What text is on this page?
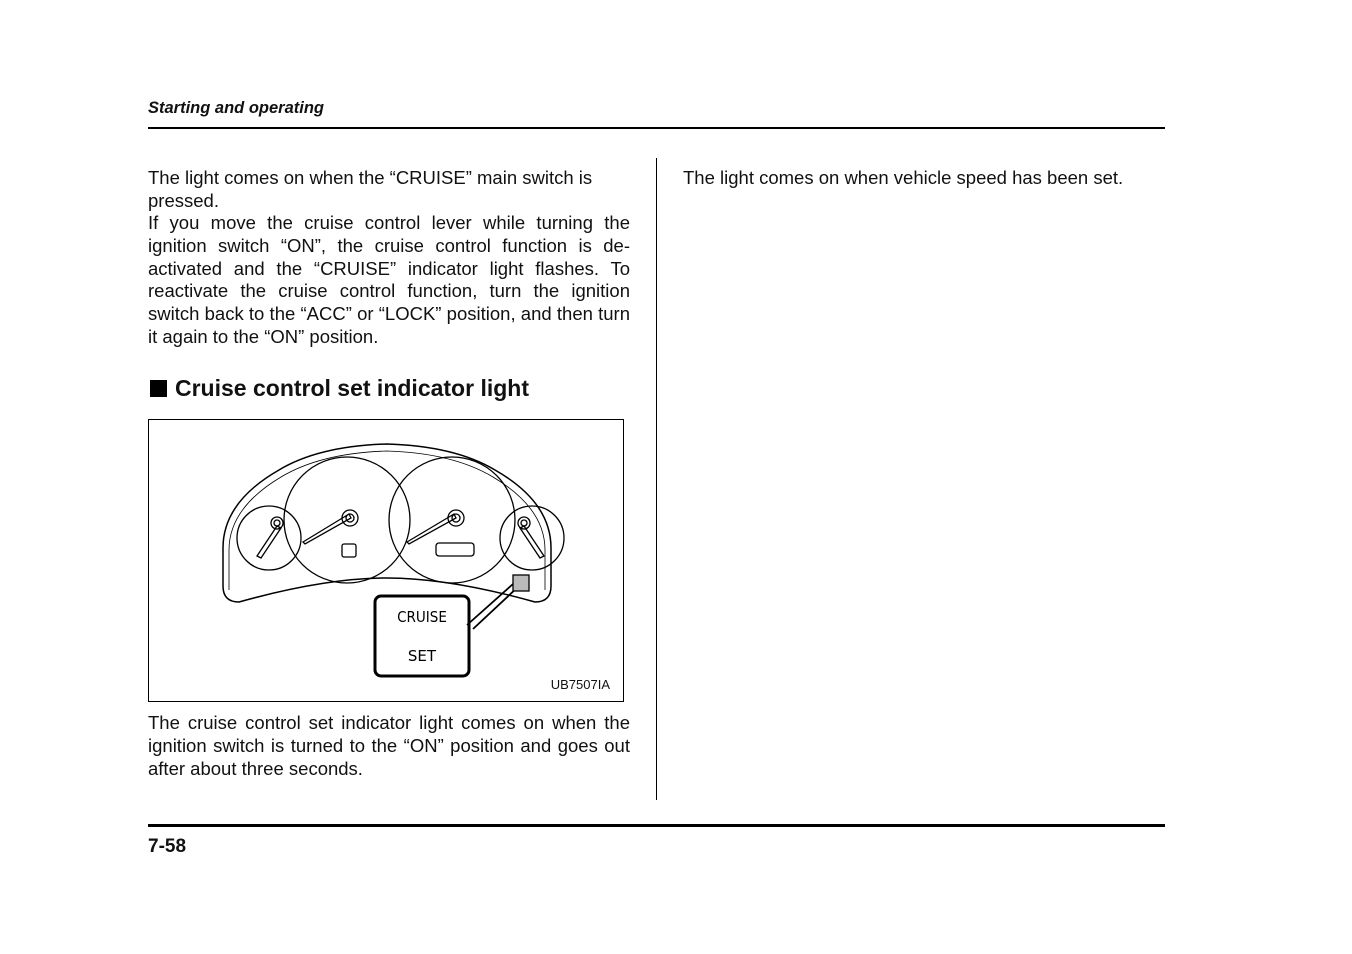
Starting and operating

The light comes on when the “CRUISE” main switch is pressed.

If you move the cruise control lever while turning the ignition switch “ON”, the cruise control function is de-activated and the “CRUISE” indicator light flashes. To reactivate the cruise control function, turn the ignition switch back to the “ACC” or “LOCK” position, and then turn it again to the “ON” position.

Cruise control set indicator light
CRUISE
SET
UB7507IA

The cruise control set indicator light comes on when the ignition switch is turned to the “ON” position and goes out after about three seconds.

The light comes on when vehicle speed has been set.

7-58
